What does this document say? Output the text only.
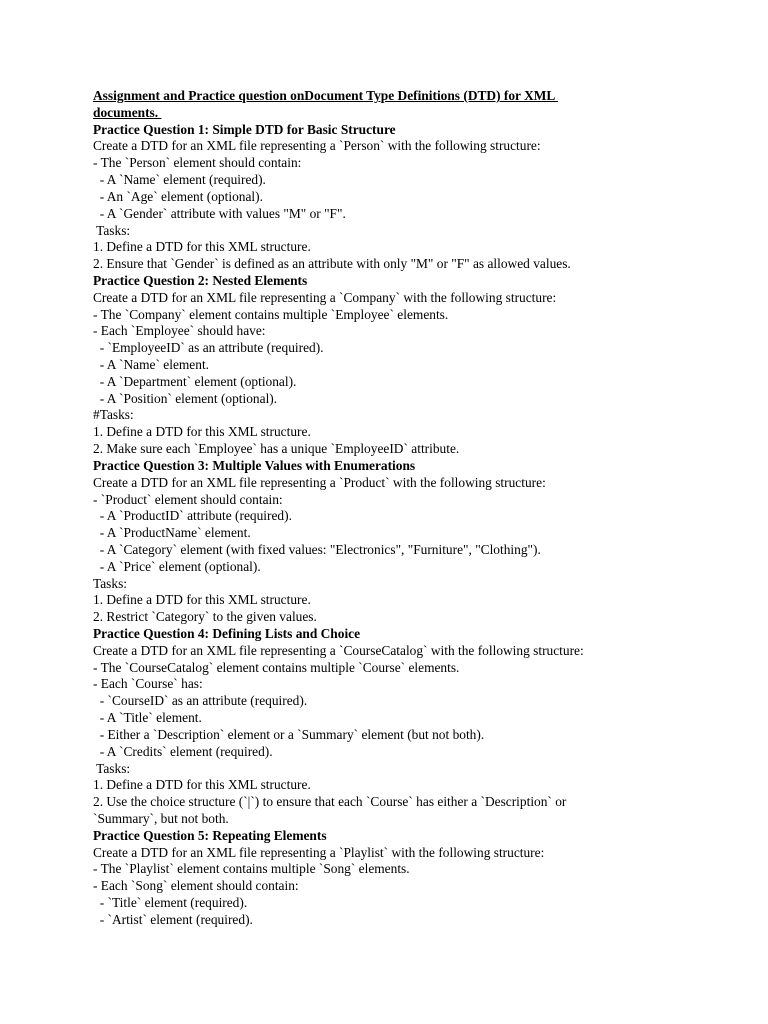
Assignment and Practice question onDocument Type Definitions (DTD) for XML
documents.
Practice Question 1: Simple DTD for Basic Structure
Create a DTD for an XML file representing a `Person` with the following structure:
- The `Person` element should contain:
- A `Name` element (required).
- An `Age` element (optional).
- A `Gender` attribute with values "M" or "F".
Tasks:
1. Define a DTD for this XML structure.
2. Ensure that `Gender` is defined as an attribute with only "M" or "F" as allowed values.
Practice Question 2: Nested Elements
Create a DTD for an XML file representing a `Company` with the following structure:
- The `Company` element contains multiple `Employee` elements.
- Each `Employee` should have:
- `EmployeeID` as an attribute (required).
- A `Name` element.
- A `Department` element (optional).
- A `Position` element (optional).
#Tasks:
1. Define a DTD for this XML structure.
2. Make sure each `Employee` has a unique `EmployeeID` attribute.
Practice Question 3: Multiple Values with Enumerations
Create a DTD for an XML file representing a `Product` with the following structure:
- `Product` element should contain:
- A `ProductID` attribute (required).
- A `ProductName` element.
- A `Category` element (with fixed values: "Electronics", "Furniture", "Clothing").
- A `Price` element (optional).
Tasks:
1. Define a DTD for this XML structure.
2. Restrict `Category` to the given values.
Practice Question 4: Defining Lists and Choice
Create a DTD for an XML file representing a `CourseCatalog` with the following structure:
- The `CourseCatalog` element contains multiple `Course` elements.
- Each `Course` has:
- `CourseID` as an attribute (required).
- A `Title` element.
- Either a `Description` element or a `Summary` element (but not both).
- A `Credits` element (required).
Tasks:
1. Define a DTD for this XML structure.
2. Use the choice structure (`|`) to ensure that each `Course` has either a `Description` or
`Summary`, but not both.
Practice Question 5: Repeating Elements
Create a DTD for an XML file representing a `Playlist` with the following structure:
- The `Playlist` element contains multiple `Song` elements.
- Each `Song` element should contain:
- `Title` element (required).
- `Artist` element (required).
